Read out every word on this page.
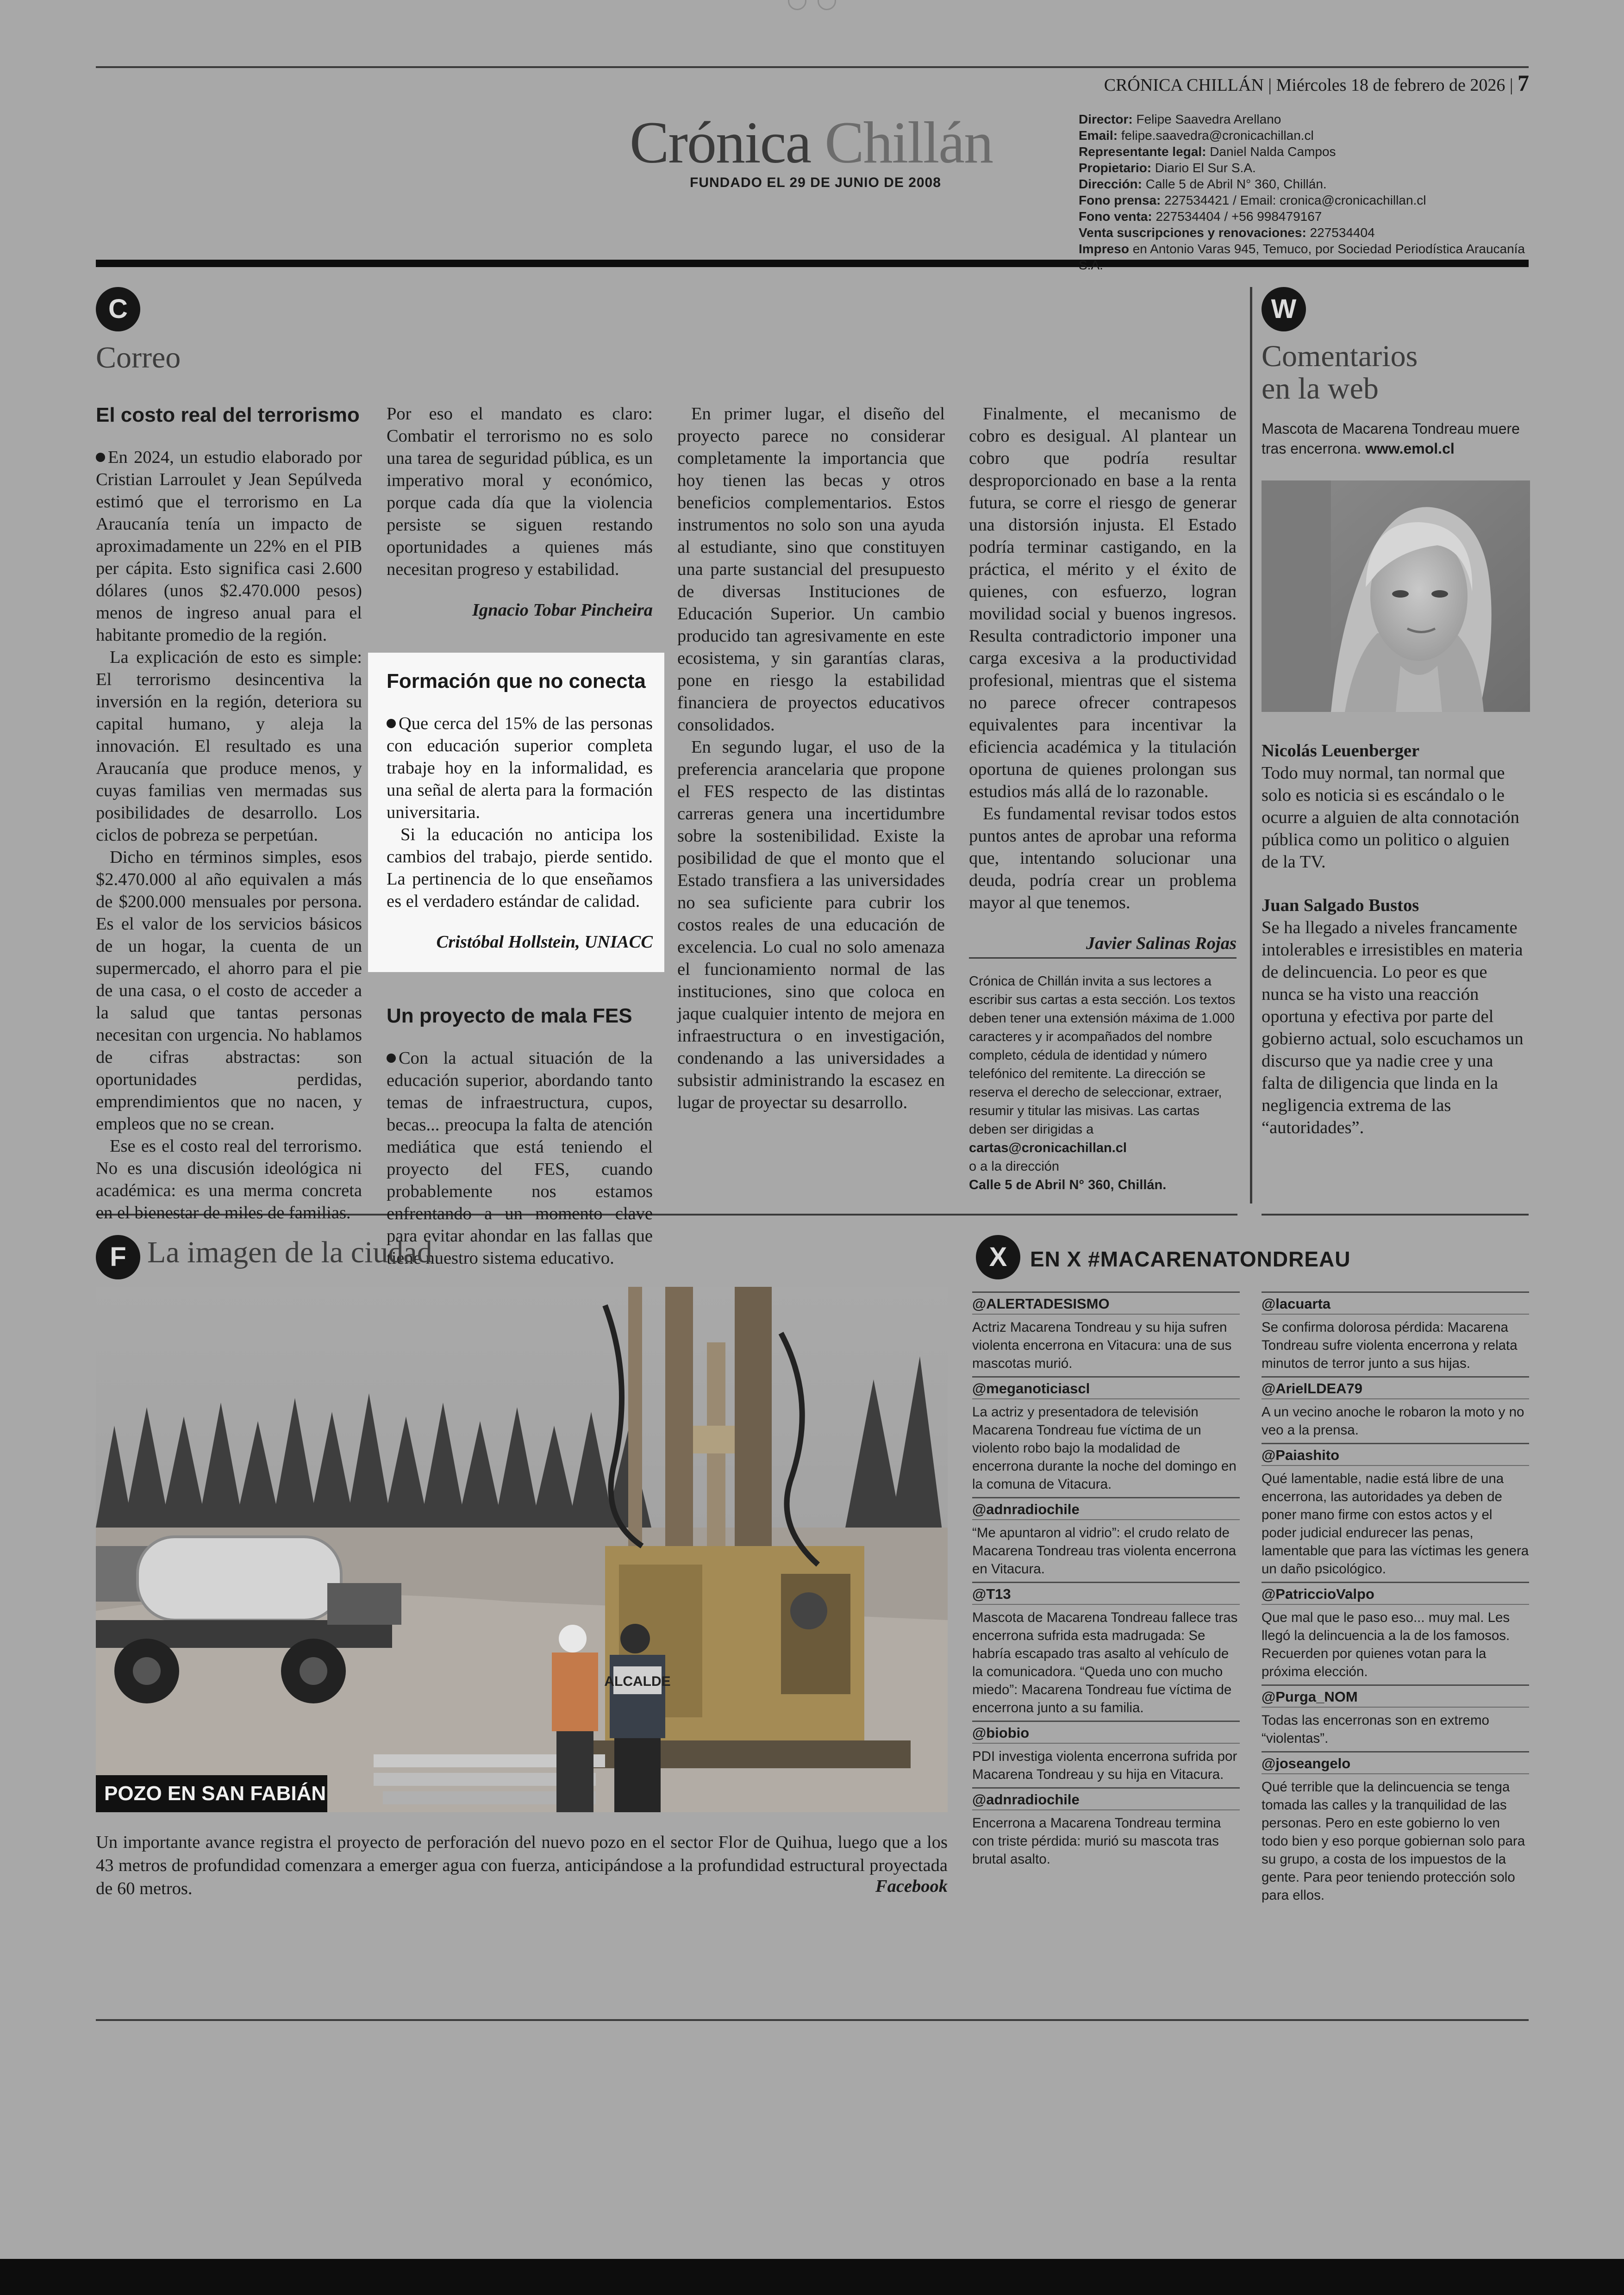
CRÓNICA CHILLÁN | Miércoles 18 de febrero de 2026 | 7
Crónica Chillán
FUNDADO EL 29 DE JUNIO DE 2008
Director: Felipe Saavedra Arellano
Email: felipe.saavedra@cronicachillan.cl
Representante legal: Daniel Nalda Campos
Propietario: Diario El Sur S.A.
Dirección: Calle 5 de Abril N° 360, Chillán.
Fono prensa: 227534421 / Email: cronica@cronicachillan.cl
Fono venta: 227534404 / +56 998479167
Venta suscripciones y renovaciones: 227534404
Impreso en Antonio Varas 945, Temuco, por Sociedad Periodística Araucanía S.A.
C
Correo
El costo real del terrorismo

En 2024, un estudio elaborado por Cristian Larroulet y Jean Sepúlveda estimó que el terrorismo en La Araucanía tenía un impacto de aproximadamente un 22% en el PIB per cápita. Esto significa casi 2.600 dólares (unos $2.470.000 pesos) menos de ingreso anual para el habitante promedio de la región.

La explicación de esto es simple: El terrorismo desincentiva la inversión en la región, deteriora su capital humano, y aleja la innovación. El resultado es una Araucanía que produce menos, y cuyas familias ven mermadas sus posibilidades de desarrollo. Los ciclos de pobreza se perpetúan.

Dicho en términos simples, esos $2.470.000 al año equivalen a más de $200.000 mensuales por persona. Es el valor de los servicios básicos de un hogar, la cuenta de un supermercado, el ahorro para el pie de una casa, o el costo de acceder a la salud que tantas personas necesitan con urgencia. No hablamos de cifras abstractas: son oportunidades perdidas, emprendimientos que no nacen, y empleos que no se crean.

Ese es el costo real del terrorismo. No es una discusión ideológica ni académica: es una merma concreta en el bienestar de miles de familias.

Por eso el mandato es claro: Combatir el terrorismo no es solo una tarea de seguridad pública, es un imperativo moral y económico, porque cada día que la violencia persiste se siguen restando oportunidades a quienes más necesitan progreso y estabilidad.

Ignacio Tobar Pincheira

Formación que no conecta

Que cerca del 15% de las personas con educación superior completa trabaje hoy en la informalidad, es una señal de alerta para la formación universitaria.

Si la educación no anticipa los cambios del trabajo, pierde sentido. La pertinencia de lo que enseñamos es el verdadero estándar de calidad.

Cristóbal Hollstein, UNIACC

Un proyecto de mala FES

Con la actual situación de la educación superior, abordando tanto temas de infraestructura, cupos, becas... preocupa la falta de atención mediática que está teniendo el proyecto del FES, cuando probablemente nos estamos enfrentando a un momento clave para evitar ahondar en las fallas que tiene nuestro sistema educativo.

En primer lugar, el diseño del proyecto parece no considerar completamente la importancia que hoy tienen las becas y otros beneficios complementarios. Estos instrumentos no solo son una ayuda al estudiante, sino que constituyen una parte sustancial del presupuesto de diversas Instituciones de Educación Superior. Un cambio producido tan agresivamente en este ecosistema, y sin garantías claras, pone en riesgo la estabilidad financiera de proyectos educativos consolidados.

En segundo lugar, el uso de la preferencia arancelaria que propone el FES respecto de las distintas carreras genera una incertidumbre sobre la sostenibilidad. Existe la posibilidad de que el monto que el Estado transfiera a las universidades no sea suficiente para cubrir los costos reales de una educación de excelencia. Lo cual no solo amenaza el funcionamiento normal de las instituciones, sino que coloca en jaque cualquier intento de mejora en infraestructura o en investigación, condenando a las universidades a subsistir administrando la escasez en lugar de proyectar su desarrollo.

Finalmente, el mecanismo de cobro es desigual. Al plantear un cobro que podría resultar desproporcionado en base a la renta futura, se corre el riesgo de generar una distorsión injusta. El Estado podría terminar castigando, en la práctica, el mérito y el éxito de quienes, con esfuerzo, logran movilidad social y buenos ingresos. Resulta contradictorio imponer una carga excesiva a la productividad profesional, mientras que el sistema no parece ofrecer contrapesos equivalentes para incentivar la eficiencia académica y la titulación oportuna de quienes prolongan sus estudios más allá de lo razonable.

Es fundamental revisar todos estos puntos antes de aprobar una reforma que, intentando solucionar una deuda, podría crear un problema mayor al que tenemos.

Javier Salinas Rojas

Crónica de Chillán invita a sus lectores a escribir sus cartas a esta sección. Los textos deben tener una extensión máxima de 1.000 caracteres y ir acompañados del nombre completo, cédula de identidad y número telefónico del remitente. La dirección se reserva el derecho de seleccionar, extraer, resumir y titular las misivas. Las cartas deben ser dirigidas a
cartas@cronicachillan.cl
o a la dirección
Calle 5 de Abril N° 360, Chillán.
W
Comentarios
en la web
Mascota de Macarena Tondreau muere tras encerrona. www.emol.cl
Nicolás Leuenberger
Todo muy normal, tan normal que solo es noticia si es escándalo o le ocurre a alguien de alta connotación pública como un politico o alguien de la TV.
Juan Salgado Bustos
Se ha llegado a niveles francamente intolerables e irresistibles en materia de delincuencia. Lo peor es que nunca se ha visto una reacción oportuna y efectiva por parte del gobierno actual, solo escuchamos un discurso que ya nadie cree y una falta de diligencia que linda en la negligencia extrema de las “autoridades”.
F La imagen de la ciudad
ALCALDE
POZO EN SAN FABIÁN
Un importante avance registra el proyecto de perforación del nuevo pozo en el sector Flor de Quihua, luego que a los 43 metros de profundidad comenzara a emerger agua con fuerza, anticipándose a la profundidad estructural proyectada de 60 metros.	Facebook
X	EN X #MACARENATONDREAU
@ALERTADESISMO
Actriz Macarena Tondreau y su hija sufren violenta encerrona en Vitacura: una de sus mascotas murió.
@meganoticiascl
La actriz y presentadora de televisión Macarena Tondreau fue víctima de un violento robo bajo la modalidad de encerrona durante la noche del domingo en la comuna de Vitacura.
@adnradiochile
“Me apuntaron al vidrio”: el crudo relato de Macarena Tondreau tras violenta encerrona en Vitacura.
@T13
Mascota de Macarena Tondreau fallece tras encerrona sufrida esta madrugada: Se habría escapado tras asalto al vehículo de la comunicadora. “Queda uno con mucho miedo”: Macarena Tondreau fue víctima de encerrona junto a su familia.
@biobio
PDI investiga violenta encerrona sufrida por Macarena Tondreau y su hija en Vitacura.
@adnradiochile
Encerrona a Macarena Tondreau termina con triste pérdida: murió su mascota tras brutal asalto.
@lacuarta
Se confirma dolorosa pérdida: Macarena Tondreau sufre violenta encerrona y relata minutos de terror junto a sus hijas.
@ArielLDEA79
A un vecino anoche le robaron la moto y no veo a la prensa.
@Paiashito
Qué lamentable, nadie está libre de una encerrona, las autoridades ya deben de poner mano firme con estos actos y el poder judicial endurecer las penas, lamentable que para las víctimas les genera un daño psicológico.
@PatriccioValpo
Que mal que le paso eso... muy mal. Les llegó la delincuencia a la de los famosos. Recuerden por quienes votan para la próxima elección.
@Purga_NOM
Todas las encerronas son en extremo “violentas”.
@joseangelo
Qué terrible que la delincuencia se tenga tomada las calles y la tranquilidad de las personas. Pero en este gobierno lo ven todo bien y eso porque gobiernan solo para su grupo, a costa de los impuestos de la gente. Para peor teniendo protección solo para ellos.
